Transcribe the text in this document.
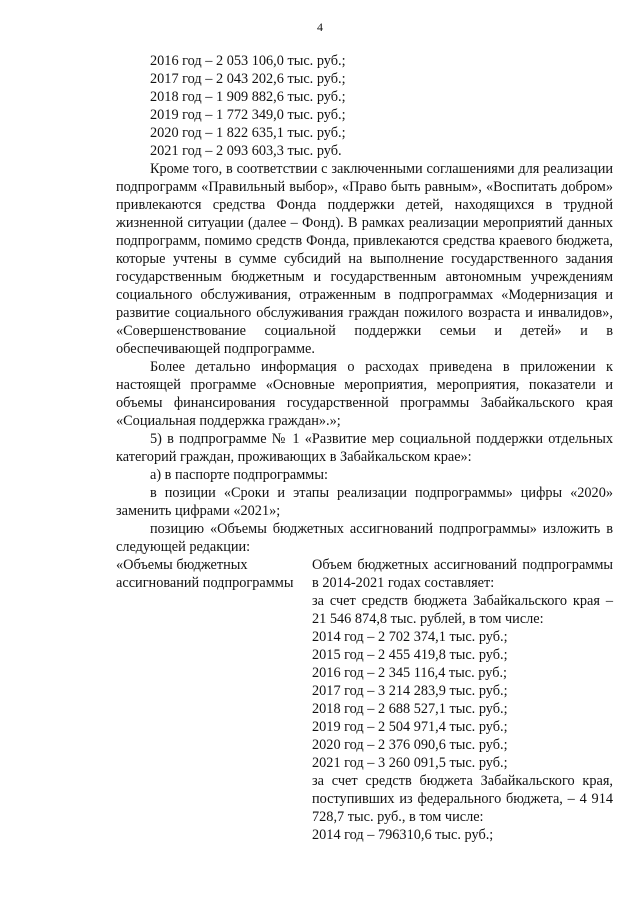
4
2016 год – 2 053 106,0 тыс. руб.;
2017 год – 2 043 202,6 тыс. руб.;
2018 год – 1 909 882,6 тыс. руб.;
2019 год – 1 772 349,0 тыс. руб.;
2020 год – 1 822 635,1 тыс. руб.;
2021 год – 2 093 603,3 тыс. руб.

Кроме того, в соответствии с заключенными соглашениями для реализации подпрограмм «Правильный выбор», «Право быть равным», «Воспитать добром» привлекаются средства Фонда поддержки детей, находящихся в трудной жизненной ситуации (далее – Фонд). В рамках реализации мероприятий данных подпрограмм, помимо средств Фонда, привлекаются средства краевого бюджета, которые учтены в сумме субсидий на выполнение государственного задания государственным бюджетным и государственным автономным учреждениям социального обслуживания, отраженным в подпрограммах «Модернизация и развитие социального обслуживания граждан пожилого возраста и инвалидов», «Совершенствование социальной поддержки семьи и детей» и в обеспечивающей подпрограмме.

Более детально информация о расходах приведена в приложении к настоящей программе «Основные мероприятия, мероприятия, показатели и объемы финансирования государственной программы Забайкальского края «Социальная поддержка граждан».»;

5) в подпрограмме № 1 «Развитие мер социальной поддержки отдельных категорий граждан, проживающих в Забайкальском крае»:

а) в паспорте подпрограммы:

в позиции «Сроки и этапы реализации подпрограммы» цифры «2020» заменить цифрами «2021»;

позицию «Объемы бюджетных ассигнований подпрограммы» изложить в следующей редакции:

«Объемы бюджетных ассигнований подпрограммы
Объем бюджетных ассигнований подпрограммы в 2014-2021 годах составляет:
за счет средств бюджета Забайкальского края – 21 546 874,8 тыс. рублей, в том числе:
2014 год – 2 702 374,1 тыс. руб.;
2015 год – 2 455 419,8 тыс. руб.;
2016 год – 2 345 116,4 тыс. руб.;
2017 год – 3 214 283,9 тыс. руб.;
2018 год – 2 688 527,1 тыс. руб.;
2019 год – 2 504 971,4 тыс. руб.;
2020 год – 2 376 090,6 тыс. руб.;
2021 год – 3 260 091,5 тыс. руб.;
за счет средств бюджета Забайкальского края, поступивших из федерального бюджета, – 4 914 728,7 тыс. руб., в том числе:
2014 год – 796310,6 тыс. руб.;
